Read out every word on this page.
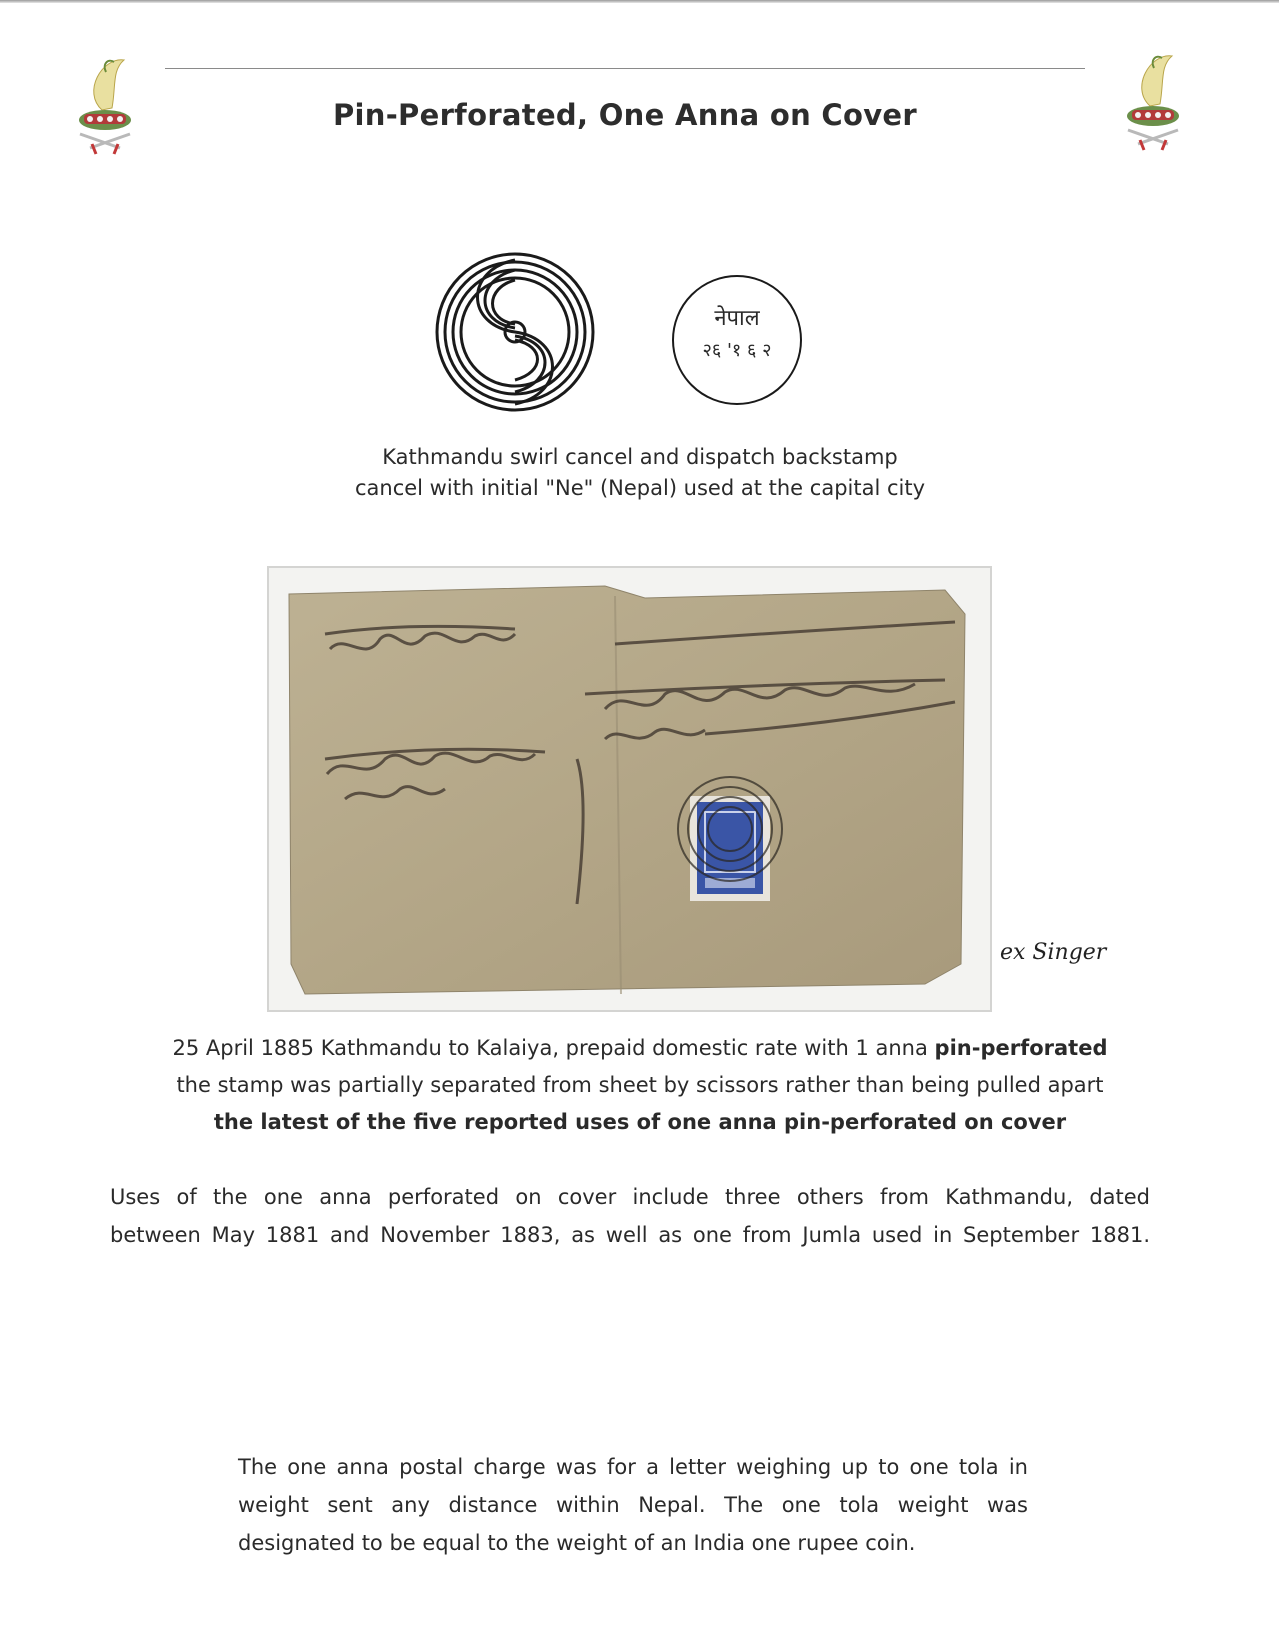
Pin-Perforated, One Anna on Cover
नेपाल
२६ '१ ६ २
Kathmandu swirl cancel and dispatch backstamp
cancel with initial "Ne" (Nepal) used at the capital city
ex Singer
25 April 1885 Kathmandu to Kalaiya, prepaid domestic rate with 1 anna pin-perforated
the stamp was partially separated from sheet by scissors rather than being pulled apart
the latest of the five reported uses of one anna pin-perforated on cover
Uses of the one anna perforated on cover include three others from Kathmandu, dated
between May 1881 and November 1883, as well as one from Jumla used in September 1881.
The one anna postal charge was for a letter weighing up to one tola in
weight sent any distance within Nepal. The one tola weight was
designated to be equal to the weight of an India one rupee coin.
